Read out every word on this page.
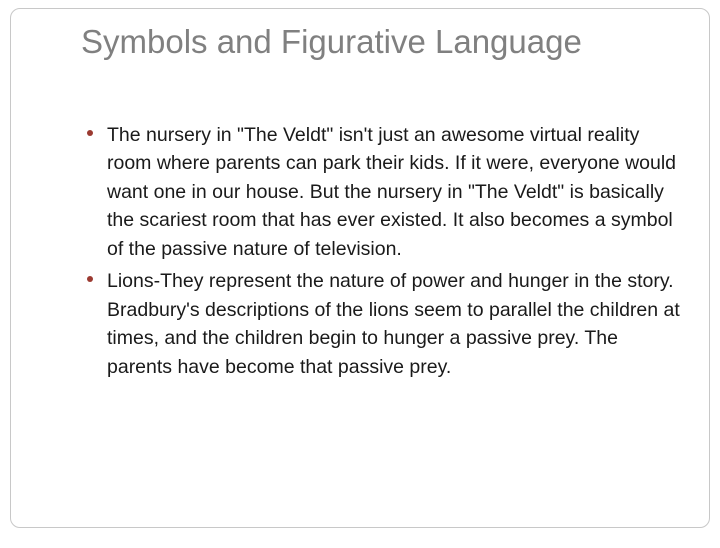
Symbols and Figurative Language
The nursery in "The Veldt" isn't just an awesome virtual reality room where parents can park their kids. If it were, everyone would want one in our house. But the nursery in "The Veldt" is basically the scariest room that has ever existed. It also becomes a symbol of the passive nature of television.
Lions-They represent the nature of power and hunger in the story. Bradbury's descriptions of the lions seem to parallel the children at times, and the children begin to hunger a passive prey. The parents have become that passive prey.
